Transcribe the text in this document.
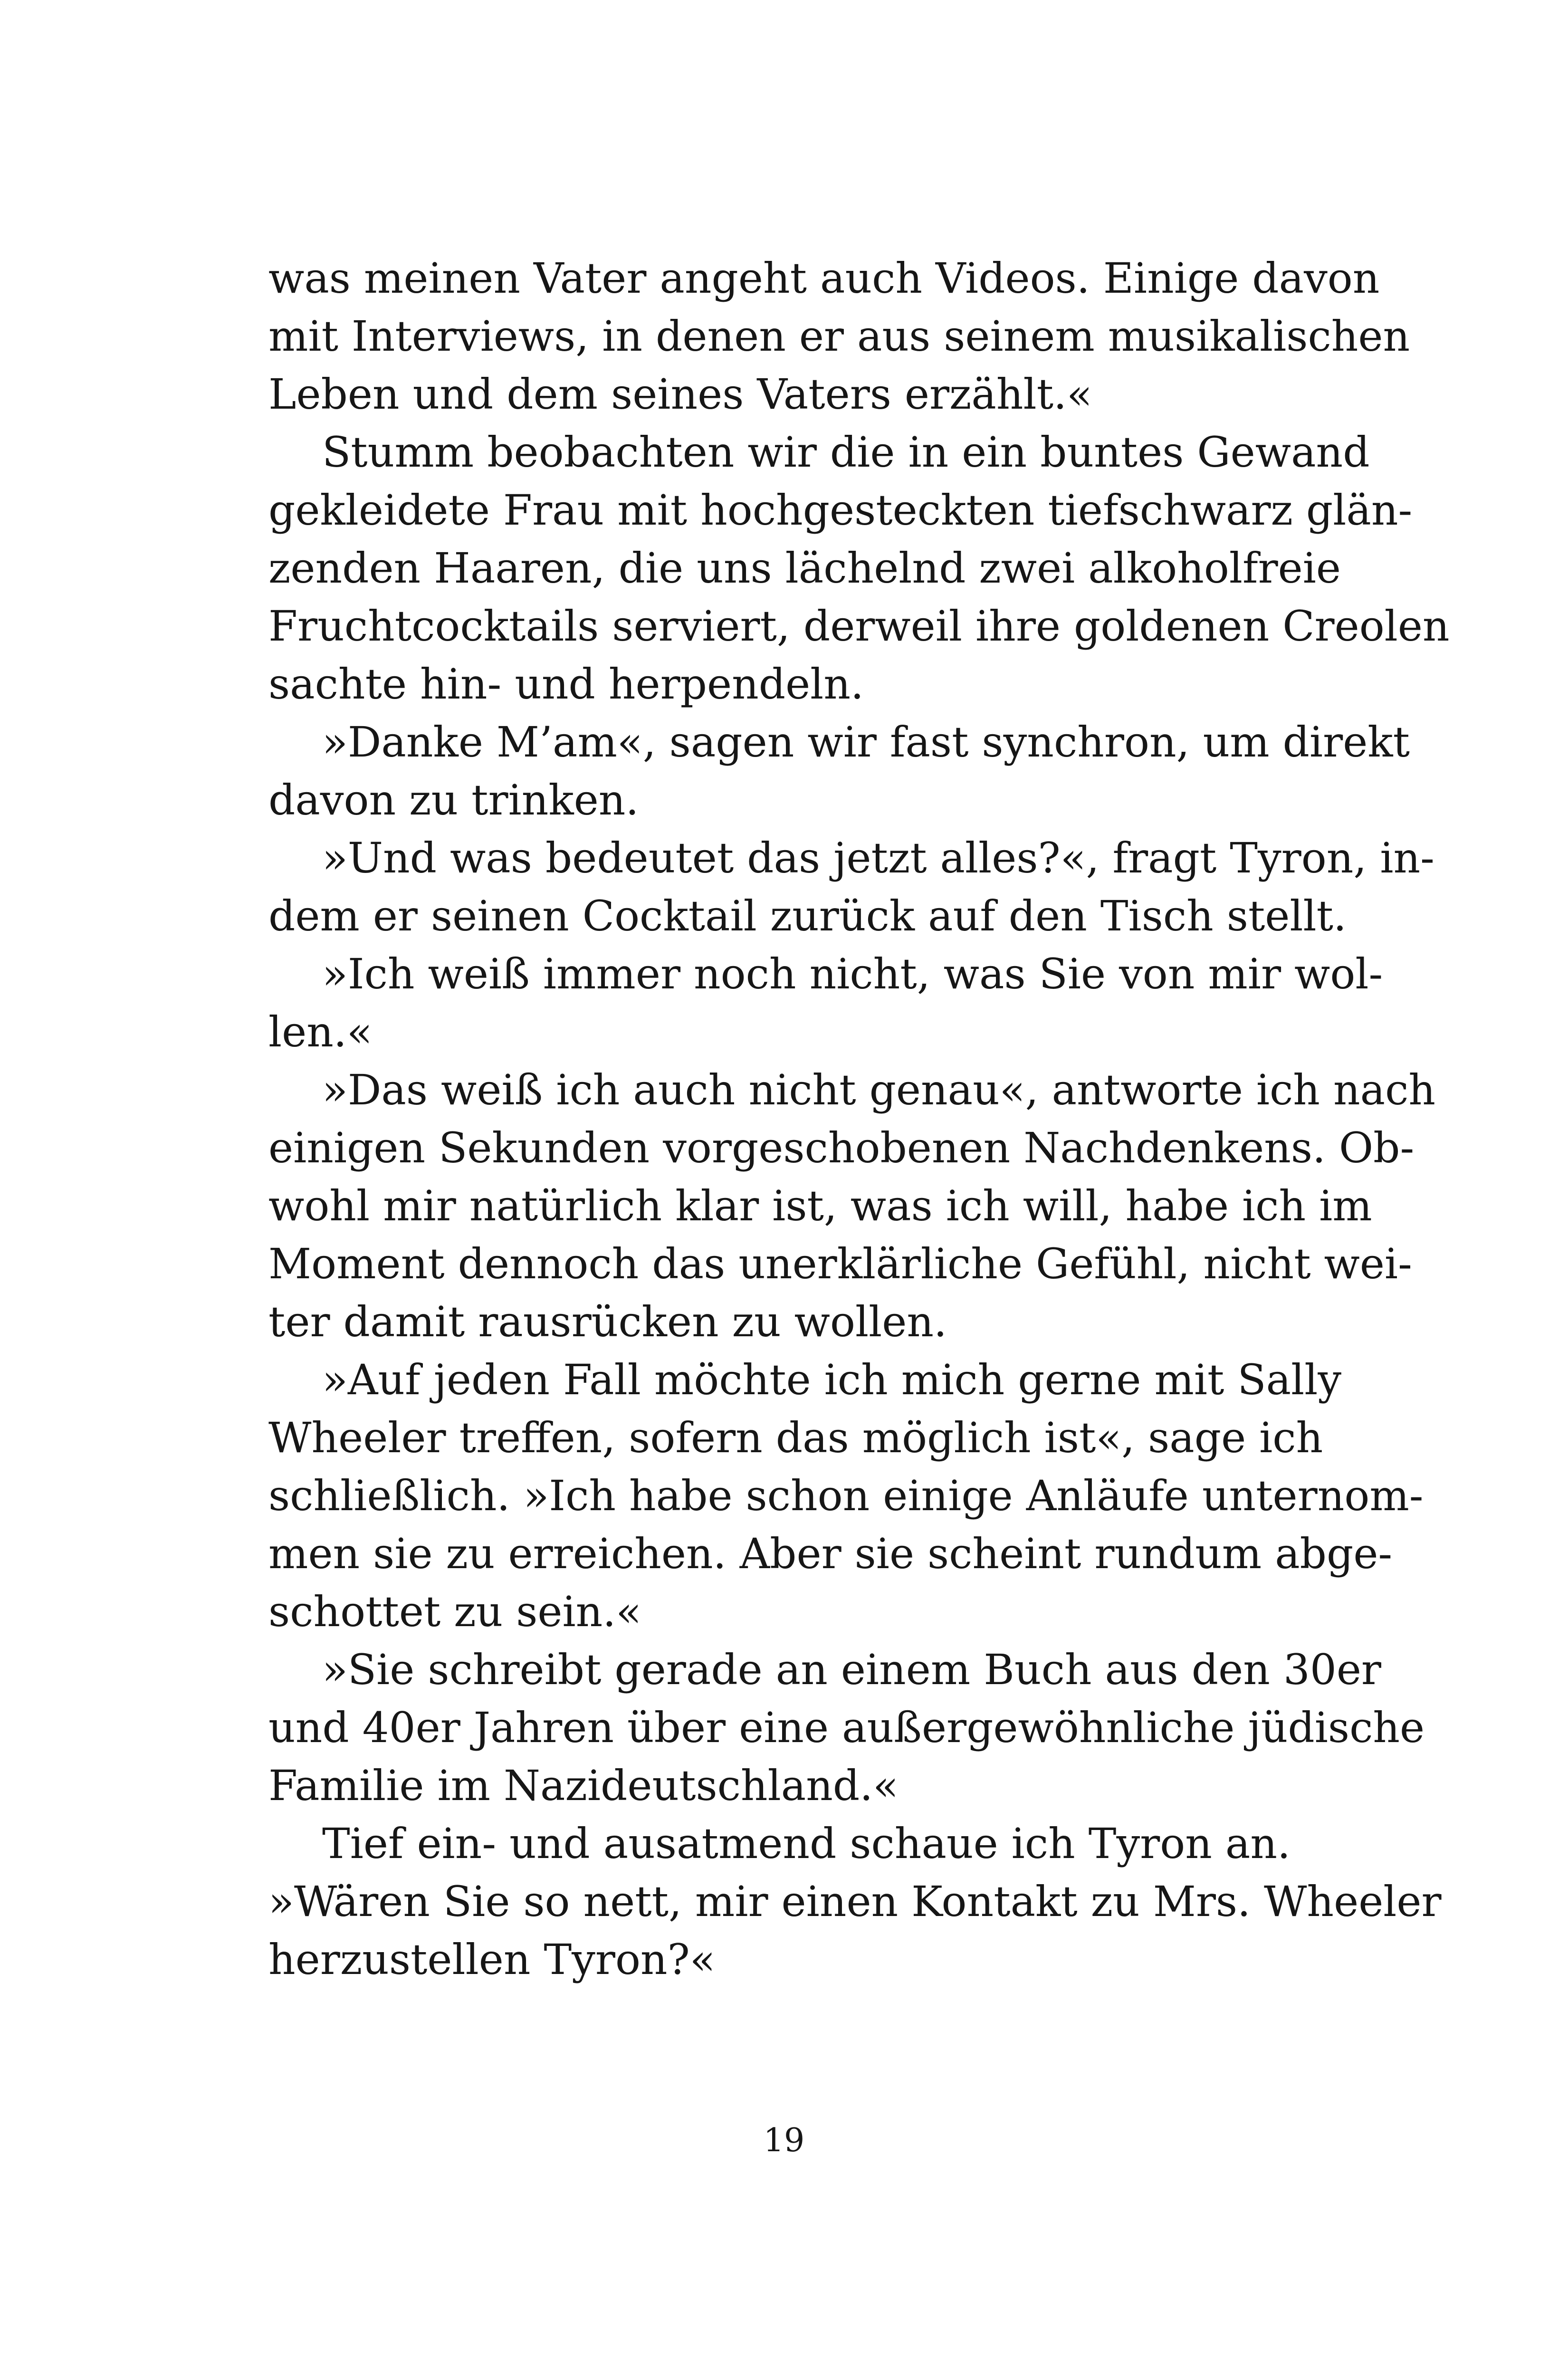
was meinen Vater angeht auch Videos. Einige davon
mit Interviews, in denen er aus seinem musikalischen
Leben und dem seines Vaters erzählt.«
Stumm beobachten wir die in ein buntes Gewand
gekleidete Frau mit hochgesteckten tiefschwarz glän-
zenden Haaren, die uns lächelnd zwei alkoholfreie
Fruchtcocktails serviert, derweil ihre goldenen Creolen
sachte hin- und herpendeln.
»Danke M’am«, sagen wir fast synchron, um direkt
davon zu trinken.
»Und was bedeutet das jetzt alles?«, fragt Tyron, in-
dem er seinen Cocktail zurück auf den Tisch stellt.
»Ich weiß immer noch nicht, was Sie von mir wol-
len.«
»Das weiß ich auch nicht genau«, antworte ich nach
einigen Sekunden vorgeschobenen Nachdenkens. Ob-
wohl mir natürlich klar ist, was ich will, habe ich im
Moment dennoch das unerklärliche Gefühl, nicht wei-
ter damit rausrücken zu wollen.
»Auf jeden Fall möchte ich mich gerne mit Sally
Wheeler treffen, sofern das möglich ist«, sage ich
schließlich. »Ich habe schon einige Anläufe unternom-
men sie zu erreichen. Aber sie scheint rundum abge-
schottet zu sein.«
»Sie schreibt gerade an einem Buch aus den 30er
und 40er Jahren über eine außergewöhnliche jüdische
Familie im Nazideutschland.«
Tief ein- und ausatmend schaue ich Tyron an.
»Wären Sie so nett, mir einen Kontakt zu Mrs. Wheeler
herzustellen Tyron?«
19
